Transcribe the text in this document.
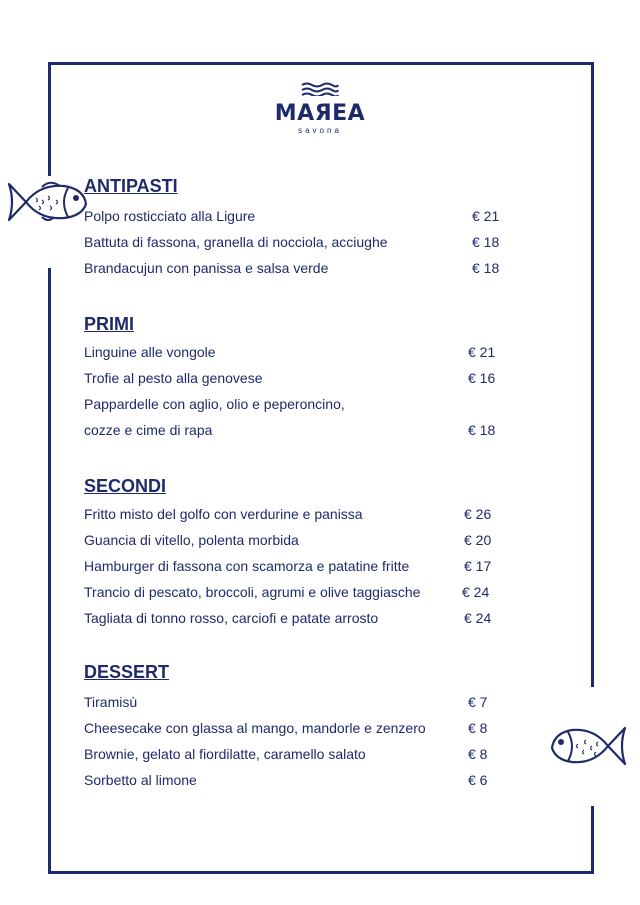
MAЯEA
savona
ANTIPASTI
Polpo rosticciato alla Ligure	€ 21
Battuta di fassona, granella di nocciola, acciughe	€ 18
Brandacujun con panissa e salsa verde	€ 18
PRIMI
Linguine alle vongole	€ 21
Trofie al pesto alla genovese	€ 16
Pappardelle con aglio, olio e peperoncino,
cozze e cime di rapa	€ 18
SECONDI
Fritto misto del golfo con verdurine e panissa	€ 26
Guancia di vitello, polenta morbida	€ 20
Hamburger di fassona con scamorza e patatine fritte	€ 17
Trancio di pescato, broccoli, agrumi e olive taggiasche	€ 24
Tagliata di tonno rosso, carciofi e patate arrosto	€ 24
DESSERT
Tiramisù	€ 7
Cheesecake con glassa al mango, mandorle e zenzero	€ 8
Brownie, gelato al fiordilatte, caramello salato	€ 8
Sorbetto al limone	€ 6
